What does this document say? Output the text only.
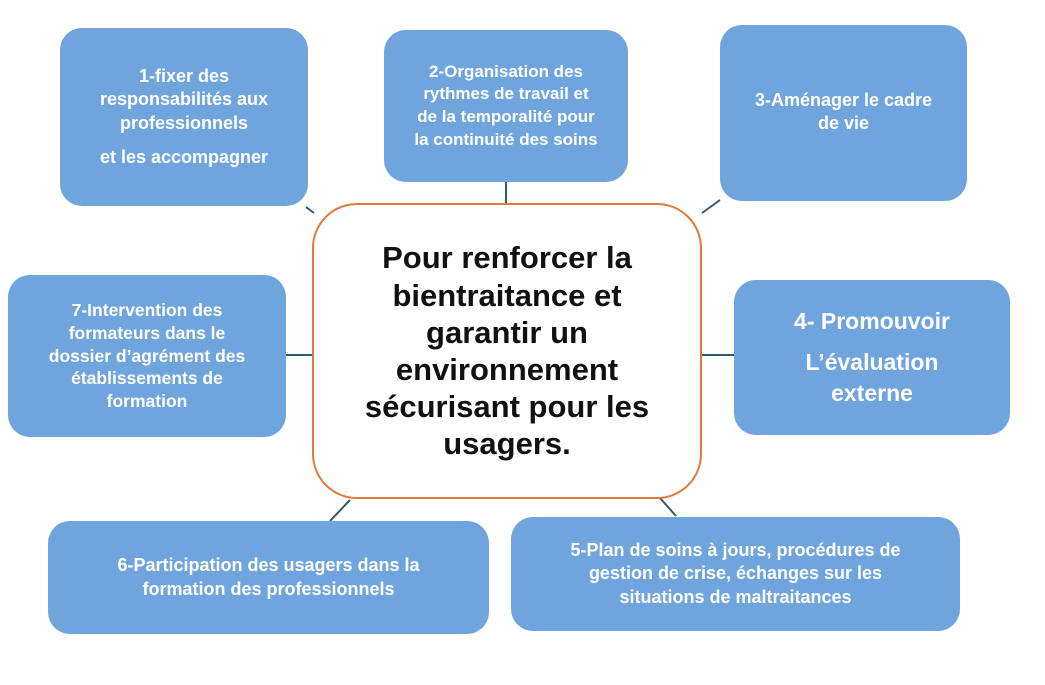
1-fixer des

responsabilités aux

professionnels

et les accompagner

2-Organisation des

rythmes de travail et

de la temporalité pour

la continuité des soins

3-Aménager le cadre

de vie

4- Promouvoir

L’évaluation

externe

5-Plan de soins à jours, procédures de

gestion de crise, échanges sur les

situations de maltraitances

6-Participation des usagers dans la

formation des professionnels

7-Intervention des

formateurs dans le

dossier d’agrément des

établissements de

formation

Pour renforcer la
bientraitance et
garantir un
environnement
sécurisant pour les
usagers.
